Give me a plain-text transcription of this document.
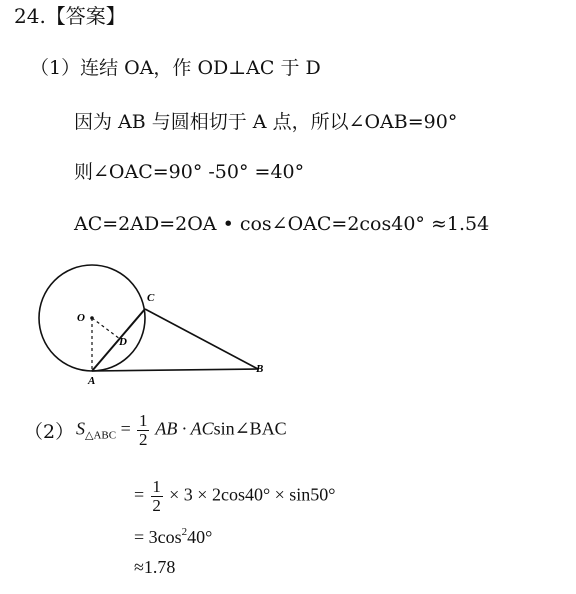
24.【答案】
（1）连结 OA，作 OD⊥AC 于 D
因为 AB 与圆相切于 A 点，所以∠OAB=90°
则∠OAC=90° -50° =40°
AC=2AD=2OA • cos∠OAC=2cos40° ≈1.54
O
C
D
A
B
（2） $S_{\triangle ABC} = \frac{1}{2}$ AB · ACsin∠BAC
= $\frac{1}{2} \times 3 \times 2\cos 40^\circ \times \sin 50^\circ$
= $3\cos^240^\circ$
≈1.78
